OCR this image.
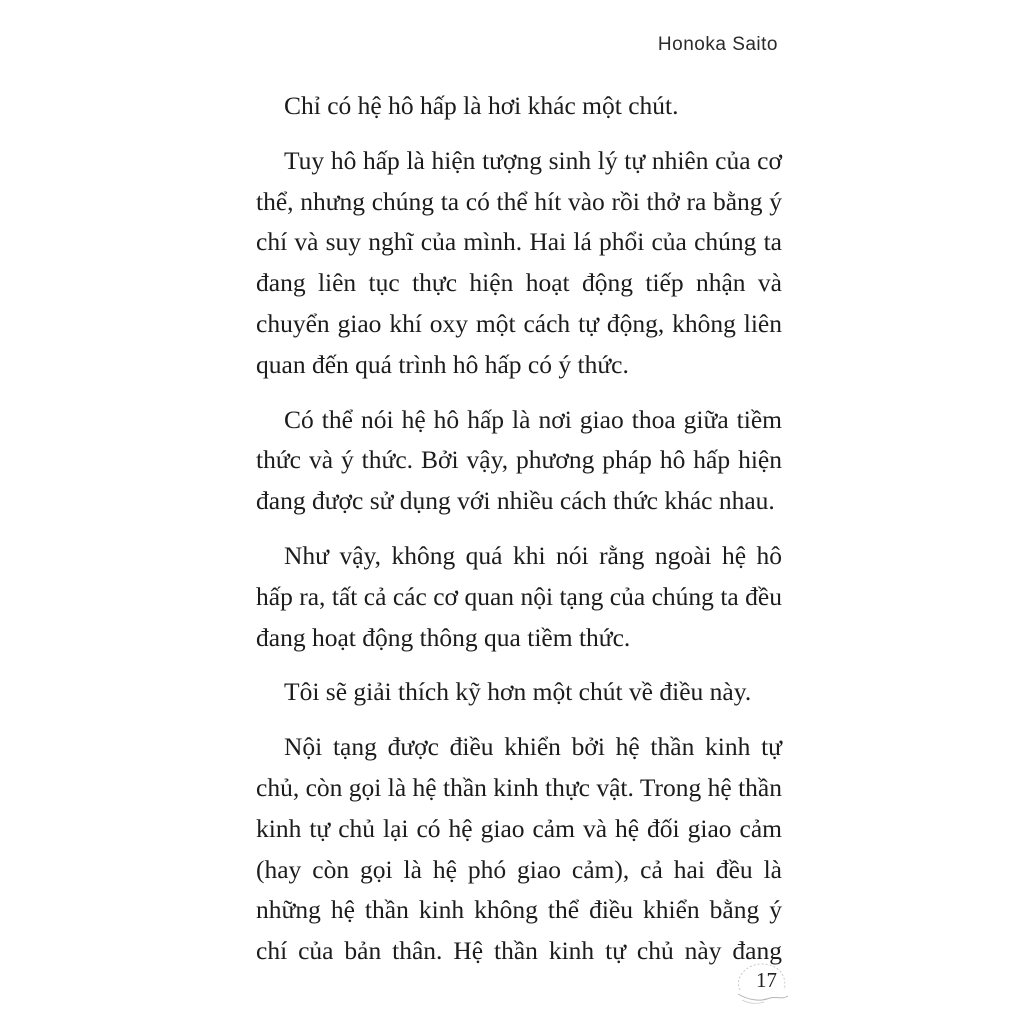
Honoka Saito

Chỉ có hệ hô hấp là hơi khác một chút.

Tuy hô hấp là hiện tượng sinh lý tự nhiên của cơ thể, nhưng chúng ta có thể hít vào rồi thở ra bằng ý chí và suy nghĩ của mình. Hai lá phổi của chúng ta đang liên tục thực hiện hoạt động tiếp nhận và chuyển giao khí oxy một cách tự động, không liên quan đến quá trình hô hấp có ý thức.

Có thể nói hệ hô hấp là nơi giao thoa giữa tiềm thức và ý thức. Bởi vậy, phương pháp hô hấp hiện đang được sử dụng với nhiều cách thức khác nhau.

Như vậy, không quá khi nói rằng ngoài hệ hô hấp ra, tất cả các cơ quan nội tạng của chúng ta đều đang hoạt động thông qua tiềm thức.

Tôi sẽ giải thích kỹ hơn một chút về điều này.

Nội tạng được điều khiển bởi hệ thần kinh tự chủ, còn gọi là hệ thần kinh thực vật. Trong hệ thần kinh tự chủ lại có hệ giao cảm và hệ đối giao cảm (hay còn gọi là hệ phó giao cảm), cả hai đều là những hệ thần kinh không thể điều khiển bằng ý chí của bản thân. Hệ thần kinh tự chủ này đang

17
